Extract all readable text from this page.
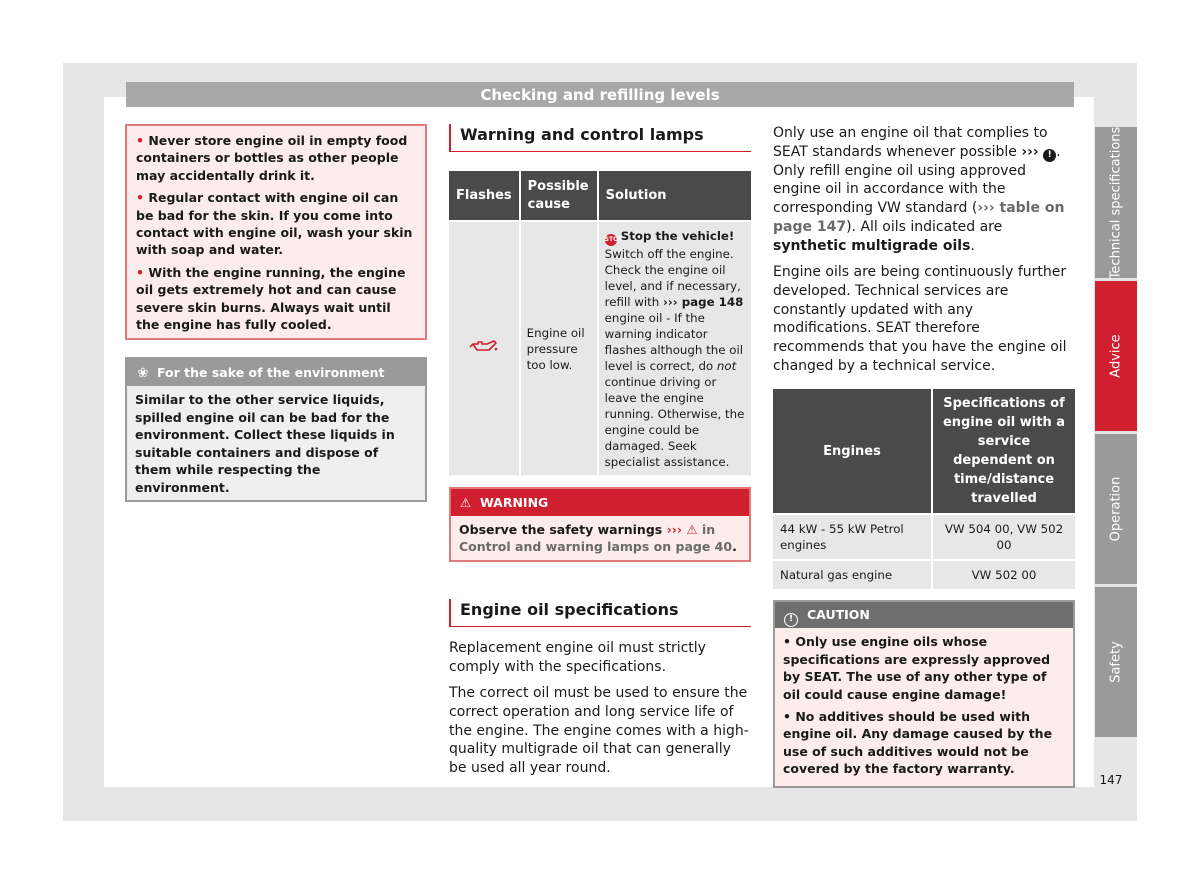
Checking and refilling levels

• Never store engine oil in empty food containers or bottles as other people may accidentally drink it.

• Regular contact with engine oil can be bad for the skin. If you come into contact with engine oil, wash your skin with soap and water.

• With the engine running, the engine oil gets extremely hot and can cause severe skin burns. Always wait until the engine has fully cooled.

❀ For the sake of the environment
Similar to the other service liquids, spilled engine oil can be bad for the environment. Collect these liquids in suitable containers and dispose of them while respecting the environment.
Warning and control lamps
Flashes	Possible cause	Solution
	Engine oil pressure too low.	STOP Stop the vehicle!
Switch off the engine. Check the engine oil level, and if necessary, refill with ››› page 148 engine oil - If the warning indicator flashes although the oil level is correct, do not continue driving or leave the engine running. Otherwise, the engine could be damaged. Seek specialist assistance.
⚠ WARNING
Observe the safety warnings ››› ⚠ in Control and warning lamps on page 40.
Engine oil specifications

Replacement engine oil must strictly comply with the specifications.

The correct oil must be used to ensure the correct operation and long service life of the engine. The engine comes with a high-quality multigrade oil that can generally be used all year round.

Only use an engine oil that complies to SEAT standards whenever possible ››› ! . Only refill engine oil using approved engine oil in accordance with the corresponding VW standard (››› table on page 147). All oils indicated are synthetic multigrade oils.

Engine oils are being continuously further developed. Technical services are constantly updated with any modifications. SEAT therefore recommends that you have the engine oil changed by a technical service.

Engines	Specifications of engine oil with a service dependent on time/distance travelled
44 kW - 55 kW Petrol engines	VW 504 00, VW 502 00
Natural gas engine	VW 502 00
! CAUTION

• Only use engine oils whose specifications are expressly approved by SEAT. The use of any other type of oil could cause engine damage!

• No additives should be used with engine oil. Any damage caused by the use of such additives would not be covered by the factory warranty.

Technical specifications
Advice
Operation
Safety
147
